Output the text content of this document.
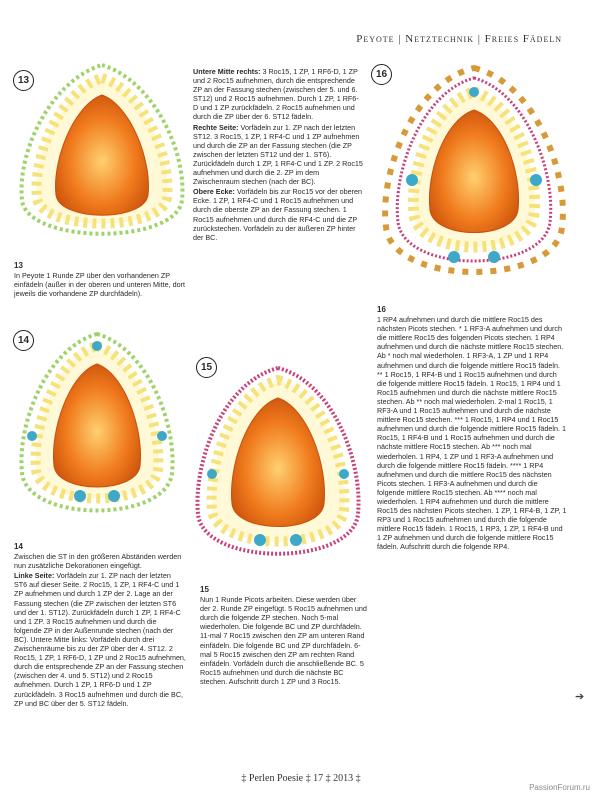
Peyote | Netztechnik | Freies Fädeln
13
13

In Peyote 1 Runde ZP über den vorhandenen ZP einfädeln (außer in der oberen und unteren Mitte, dort jeweils die vorhandene ZP durchfädeln).

Untere Mitte rechts: 3 Roc15, 1 ZP, 1 RF6-D, 1 ZP und 2 Roc15 aufnehmen, durch die entsprechende ZP an der Fassung stechen (zwischen der 5. und 6. ST12) und 2 Roc15 aufnehmen. Durch 1 ZP, 1 RF6-D und 1 ZP zurückfädeln. 2 Roc15 aufnehmen und durch die ZP über der 6. ST12 fädeln.

Rechte Seite: Vorfädeln zur 1. ZP nach der letzten ST12. 3 Roc15, 1 ZP, 1 RF4-C und 1 ZP aufnehmen und durch die ZP an der Fassung stechen (die ZP zwischen der letzten ST12 und der 1. ST6). Zurückfädeln durch 1 ZP, 1 RF4-C und 1 ZP. 2 Roc15 aufnehmen und durch die 2. ZP im dem Zwischenraum stechen (nach der BC).

Obere Ecke: Vorfädeln bis zur Roc15 vor der oberen Ecke. 1 ZP, 1 RF4-C und 1 Roc15 aufnehmen und durch die oberste ZP an der Fassung stechen. 1 Roc15 aufnehmen und durch die RF4-C und die ZP zurückstechen. Vorfädeln zu der äußeren ZP hinter der BC.

16
14
14

Zwischen die ST in den größeren Abständen werden nun zusätzliche Dekorationen eingefügt.

Linke Seite: Vorfädeln zur 1. ZP nach der letzten ST6 auf dieser Seite. 2 Roc15, 1 ZP, 1 RF4-C und 1 ZP aufnehmen und durch 1 ZP der 2. Lage an der Fassung stechen (die ZP zwischen der letzten ST6 und der 1. ST12). Zurückfädeln durch 1 ZP, 1 RF4-C und 1 ZP. 3 Roc15 aufnehmen und durch die folgende ZP in der Außenrunde stechen (nach der BC). Untere Mitte links: Vorfädeln durch drei Zwischenräume bis zu der ZP über der 4. ST12. 2 Roc15, 1 ZP, 1 RF6-D, 1 ZP und 2 Roc15 aufnehmen, durch die entsprechende ZP an der Fassung stechen (zwischen der 4. und 5. ST12) und 2 Roc15 aufnehmen. Durch 1 ZP, 1 RF6-D und 1 ZP zurückfädeln. 3 Roc15 aufnehmen und durch die BC, ZP und BC über der 5. ST12 fädeln.

15
15

Nun 1 Runde Picots arbeiten. Diese werden über der 2. Runde ZP eingefügt. 5 Roc15 aufnehmen und durch die folgende ZP stechen. Noch 5-mal wiederholen. Die folgende BC und ZP durchfädeln. 11-mal 7 Roc15 zwischen den ZP am unteren Rand einfädeln. Die folgende BC und ZP durchfädeln. 6-mal 5 Roc15 zwischen den ZP am rechten Rand einfädeln. Vorfädeln durch die anschließende BC. 5 Roc15 aufnehmen und durch die nächste BC stechen. Aufschritt durch 1 ZP und 3 Roc15.

16

1 RP4 aufnehmen und durch die mittlere Roc15 des nächsten Picots stechen. * 1 RF3-A aufnehmen und durch die mittlere Roc15 des folgenden Picots stechen. 1 RP4 aufnehmen und durch die nächste mittlere Roc15 stechen. Ab * noch mal wiederholen. 1 RF3-A, 1 ZP und 1 RP4 aufnehmen und durch die folgende mittlere Roc15 fädeln. ** 1 Roc15, 1 RF4-B und 1 Roc15 aufnehmen und durch die folgende mittlere Roc15 fädeln. 1 Roc15, 1 RP4 und 1 Roc15 aufnehmen und durch die nächste mittlere Roc15 stechen. Ab ** noch mal wiederholen. 2-mal 1 Roc15, 1 RF3-A und 1 Roc15 aufnehmen und durch die nächste mittlere Roc15 stechen. *** 1 Roc15, 1 RP4 und 1 Roc15 aufnehmen und durch die folgende mittlere Roc15 fädeln. 1 Roc15, 1 RF4-B und 1 Roc15 aufnehmen und durch die nächste mittlere Roc15 stechen. Ab *** noch mal wiederholen. 1 RP4, 1 ZP und 1 RF3-A aufnehmen und durch die folgende mittlere Roc15 fädeln. **** 1 RP4 aufnehmen und durch die mittlere Roc15 des nächsten Picots stechen. 1 RF3-A aufnehmen und durch die folgende mittlere Roc15 stechen. Ab **** noch mal wiederholen. 1 RP4 aufnehmen und durch die mittlere Roc15 des nächsten Picots stechen. 1 ZP, 1 RF4-B, 1 ZP, 1 RP3 und 1 Roc15 aufnehmen und durch die folgende mittlere Roc15 fädeln. 1 Roc15, 1 RP3, 1 ZP, 1 RF4-B und 1 ZP aufnehmen und durch die folgende mittlere Roc15 fädeln. Aufschritt durch die folgende RP4.

➔
‡ Perlen Poesie ‡ 17 ‡ 2013 ‡
PassionForum.ru
